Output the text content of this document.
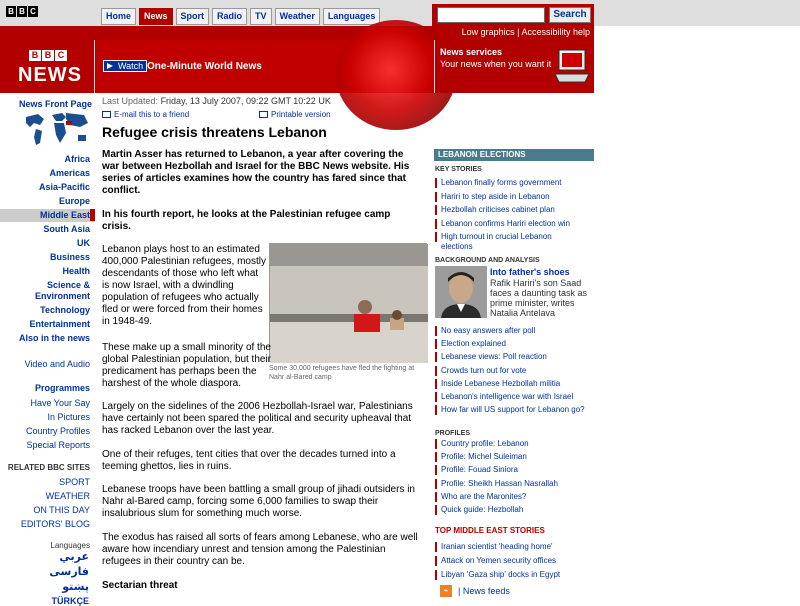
B B C	Home	News	Sport	Radio	TV	Weather	Languages	Search
Low graphics | Accessibility help
B B C
NEWS	Watch One-Minute World News
News services
Your news when you want it
News Front Page
Africa
Americas
Asia-Pacific
Europe
Middle East
South Asia
UK
Business
Health
Science &
Environment
Technology
Entertainment
Also in the news
Video and Audio
Programmes
Have Your Say
In Pictures
Country Profiles
Special Reports
RELATED BBC SITES
SPORT
WEATHER
ON THIS DAY
EDITORS' BLOG
Languages
عربي
فارسی
پښتو
TÜRKÇE
Last Updated: Friday, 13 July 2007, 09:22 GMT 10:22 UK
E-mail this to a friend	Printable version
Refugee crisis threatens Lebanon
Martin Asser has returned to Lebanon, a year after covering the war between Hezbollah and Israel for the BBC News website. His series of articles examines how the country has fared since that conflict.
In his fourth report, he looks at the Palestinian refugee camp crisis.
Lebanon plays host to an estimated 400,000 Palestinian refugees, mostly descendants of those who left what is now Israel, with a dwindling population of refugees who actually fled or were forced from their homes in 1948-49.
Some 30,000 refugees have fled the fighting at Nahr al-Bared camp
These make up a small minority of the global Palestinian population, but their predicament has perhaps been the harshest of the whole diaspora.
Largely on the sidelines of the 2006 Hezbollah-Israel war, Palestinians have certainly not been spared the political and security upheaval that has racked Lebanon over the last year.
One of their refuges, tent cities that over the decades turned into a teeming ghettos, lies in ruins.
Lebanese troops have been battling a small group of jihadi outsiders in Nahr al-Bared camp, forcing some 6,000 families to swap their insalubrious slum for something much worse.
The exodus has raised all sorts of fears among Lebanese, who are well aware how incendiary unrest and tension among the Palestinian refugees in their country can be.
Sectarian threat
LEBANON ELECTIONS
KEY STORIES
Lebanon finally forms government
Hariri to step aside in Lebanon
Hezbollah criticises cabinet plan
Lebanon confirms Hariri election win
High turnout in crucial Lebanon elections
BACKGROUND AND ANALYSIS
Into father's shoes
Rafik Hariri's son Saad faces a daunting task as prime minister, writes Natalia Antelava
No easy answers after poll
Election explained
Lebanese views: Poll reaction
Crowds turn out for vote
Inside Lebanese Hezbollah militia
Lebanon's intelligence war with Israel
How far will US support for Lebanon go?
PROFILES
Country profile: Lebanon
Profile: Michel Suleiman
Profile: Fouad Siniora
Profile: Sheikh Hassan Nasrallah
Who are the Maronites?
Quick guide: Hezbollah
TOP MIDDLE EAST STORIES
Iranian scientist 'heading home'
Attack on Yemen security offices
Libyan 'Gaza ship' docks in Egypt
⌁	| News feeds
